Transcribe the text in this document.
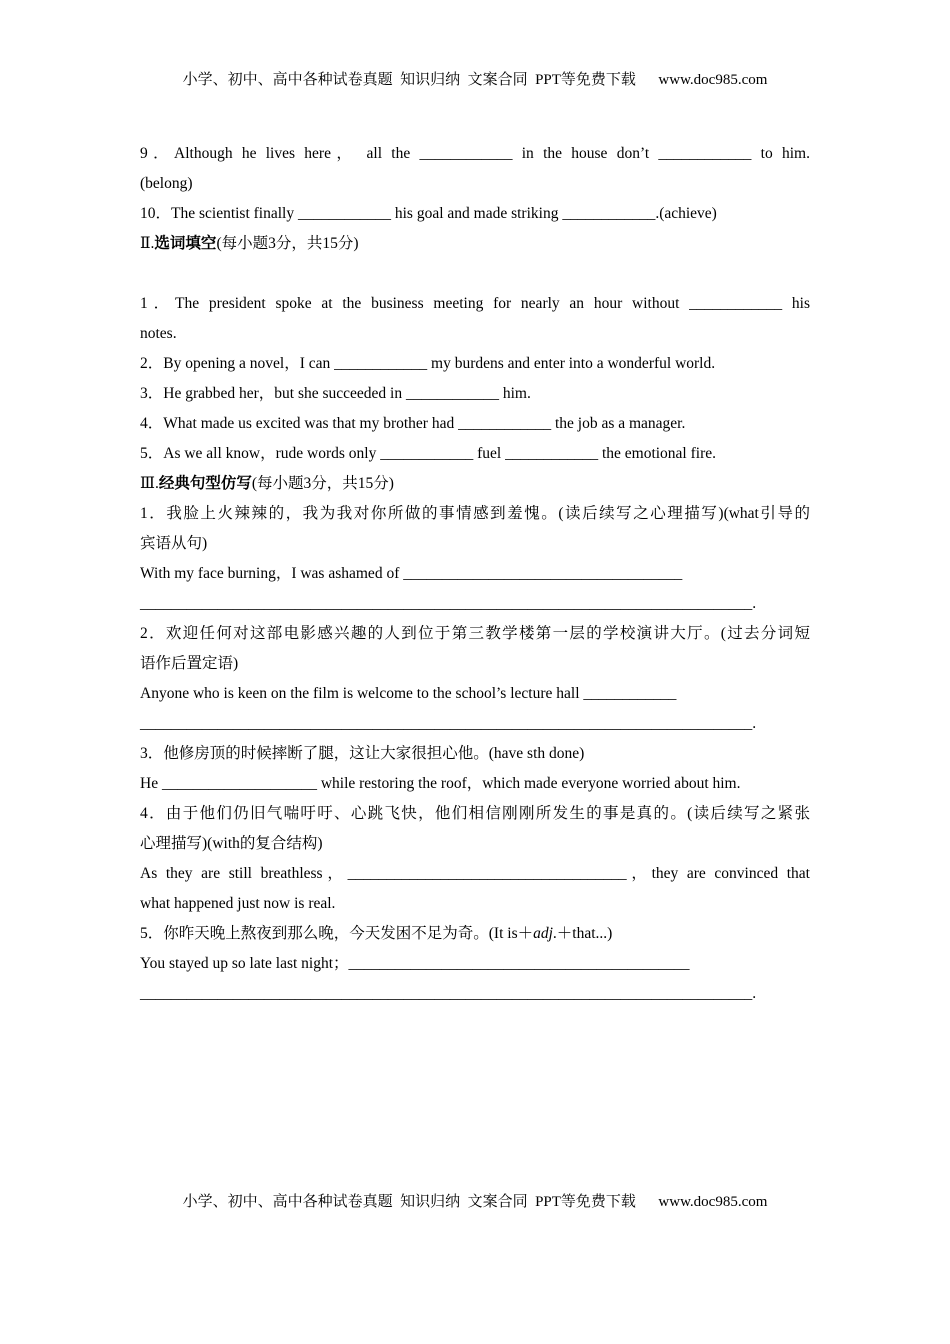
小学、初中、高中各种试卷真题  知识归纳  文案合同  PPT等免费下载      www.doc985.com
9．Although he lives here， all the ____________ in the house don’t ____________ to him.
(belong)
10．The scientist finally ____________ his goal and made striking ____________.(achieve)
Ⅱ.选词填空(每小题3分，共15分)
1．The president spoke at the business meeting for nearly an hour without ____________ his
notes.
2．By opening a novel，I can ____________ my burdens and enter into a wonderful world.
3．He grabbed her，but she succeeded in ____________ him.
4．What made us excited was that my brother had ____________ the job as a manager.
5．As we all know，rude words only ____________ fuel ____________ the emotional fire.
Ⅲ.经典句型仿写(每小题3分，共15分)
1．我脸上火辣辣的，我为我对你所做的事情感到羞愧。(读后续写之心理描写)(what引导的
宾语从句)
With my face burning，I was ashamed of ____________________________________
_______________________________________________________________________________.
2．欢迎任何对这部电影感兴趣的人到位于第三教学楼第一层的学校演讲大厅。(过去分词短
语作后置定语)
Anyone who is keen on the film is welcome to the school’s lecture hall ____________
_______________________________________________________________________________.
3．他修房顶的时候摔断了腿，这让大家很担心他。(have sth done)
He ____________________ while restoring the roof，which made everyone worried about him.
4．由于他们仍旧气喘吁吁、心跳飞快，他们相信刚刚所发生的事是真的。(读后续写之紧张
心理描写)(with的复合结构)
As they are still breathless，____________________________________，they are convinced that
what happened just now is real.
5．你昨天晚上熬夜到那么晚，今天发困不足为奇。(It is＋adj.＋that...)
You stayed up so late last night；____________________________________________
_______________________________________________________________________________.
小学、初中、高中各种试卷真题  知识归纳  文案合同  PPT等免费下载      www.doc985.com
